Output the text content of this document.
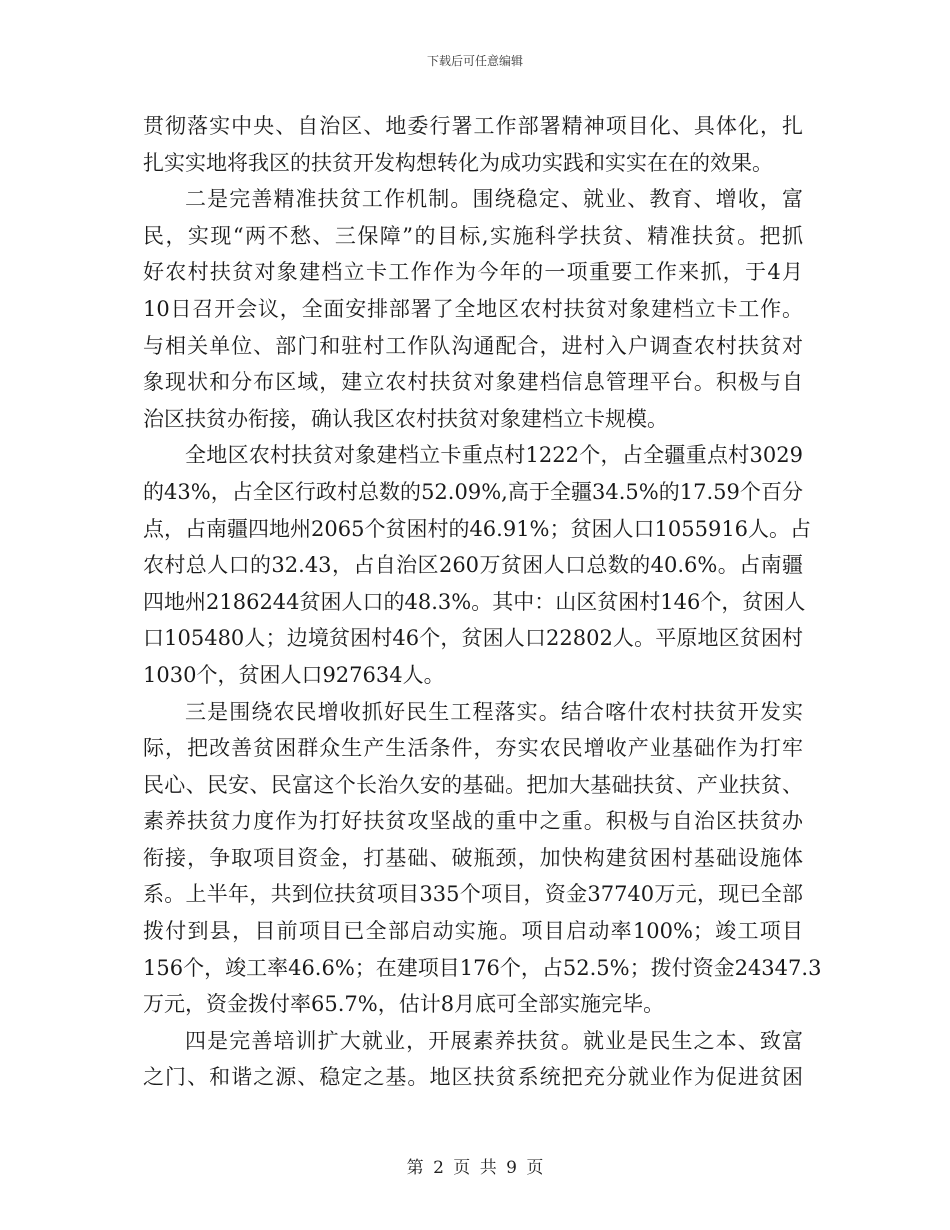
下载后可任意编辑
贯彻落实中央、自治区、地委行署工作部署精神项目化、具体化，扎
扎实实地将我区的扶贫开发构想转化为成功实践和实实在在的效果。
二是完善精准扶贫工作机制。围绕稳定、就业、教育、增收，富
民，实现“两不愁、三保障”的目标,实施科学扶贫、精准扶贫。把抓
好农村扶贫对象建档立卡工作作为今年的一项重要工作来抓，于4月
10日召开会议，全面安排部署了全地区农村扶贫对象建档立卡工作。
与相关单位、部门和驻村工作队沟通配合，进村入户调查农村扶贫对
象现状和分布区域，建立农村扶贫对象建档信息管理平台。积极与自
治区扶贫办衔接，确认我区农村扶贫对象建档立卡规模。
全地区农村扶贫对象建档立卡重点村1222个，占全疆重点村3029
的43%，占全区行政村总数的52.09%,高于全疆34.5%的17.59个百分
点，占南疆四地州2065个贫困村的46.91%；贫困人口1055916人。占
农村总人口的32.43，占自治区260万贫困人口总数的40.6%。占南疆
四地州2186244贫困人口的48.3%。其中：山区贫困村146个，贫困人
口105480人；边境贫困村46个，贫困人口22802人。平原地区贫困村
1030个，贫困人口927634人。
三是围绕农民增收抓好民生工程落实。结合喀什农村扶贫开发实
际，把改善贫困群众生产生活条件，夯实农民增收产业基础作为打牢
民心、民安、民富这个长治久安的基础。把加大基础扶贫、产业扶贫、
素养扶贫力度作为打好扶贫攻坚战的重中之重。积极与自治区扶贫办
衔接，争取项目资金，打基础、破瓶颈，加快构建贫困村基础设施体
系。上半年，共到位扶贫项目335个项目，资金37740万元，现已全部
拨付到县，目前项目已全部启动实施。项目启动率100%；竣工项目
156个，竣工率46.6%；在建项目176个，占52.5%；拨付资金24347.3
万元，资金拨付率65.7%，估计8月底可全部实施完毕。
四是完善培训扩大就业，开展素养扶贫。就业是民生之本、致富
之门、和谐之源、稳定之基。地区扶贫系统把充分就业作为促进贫困
第 2 页 共 9 页
